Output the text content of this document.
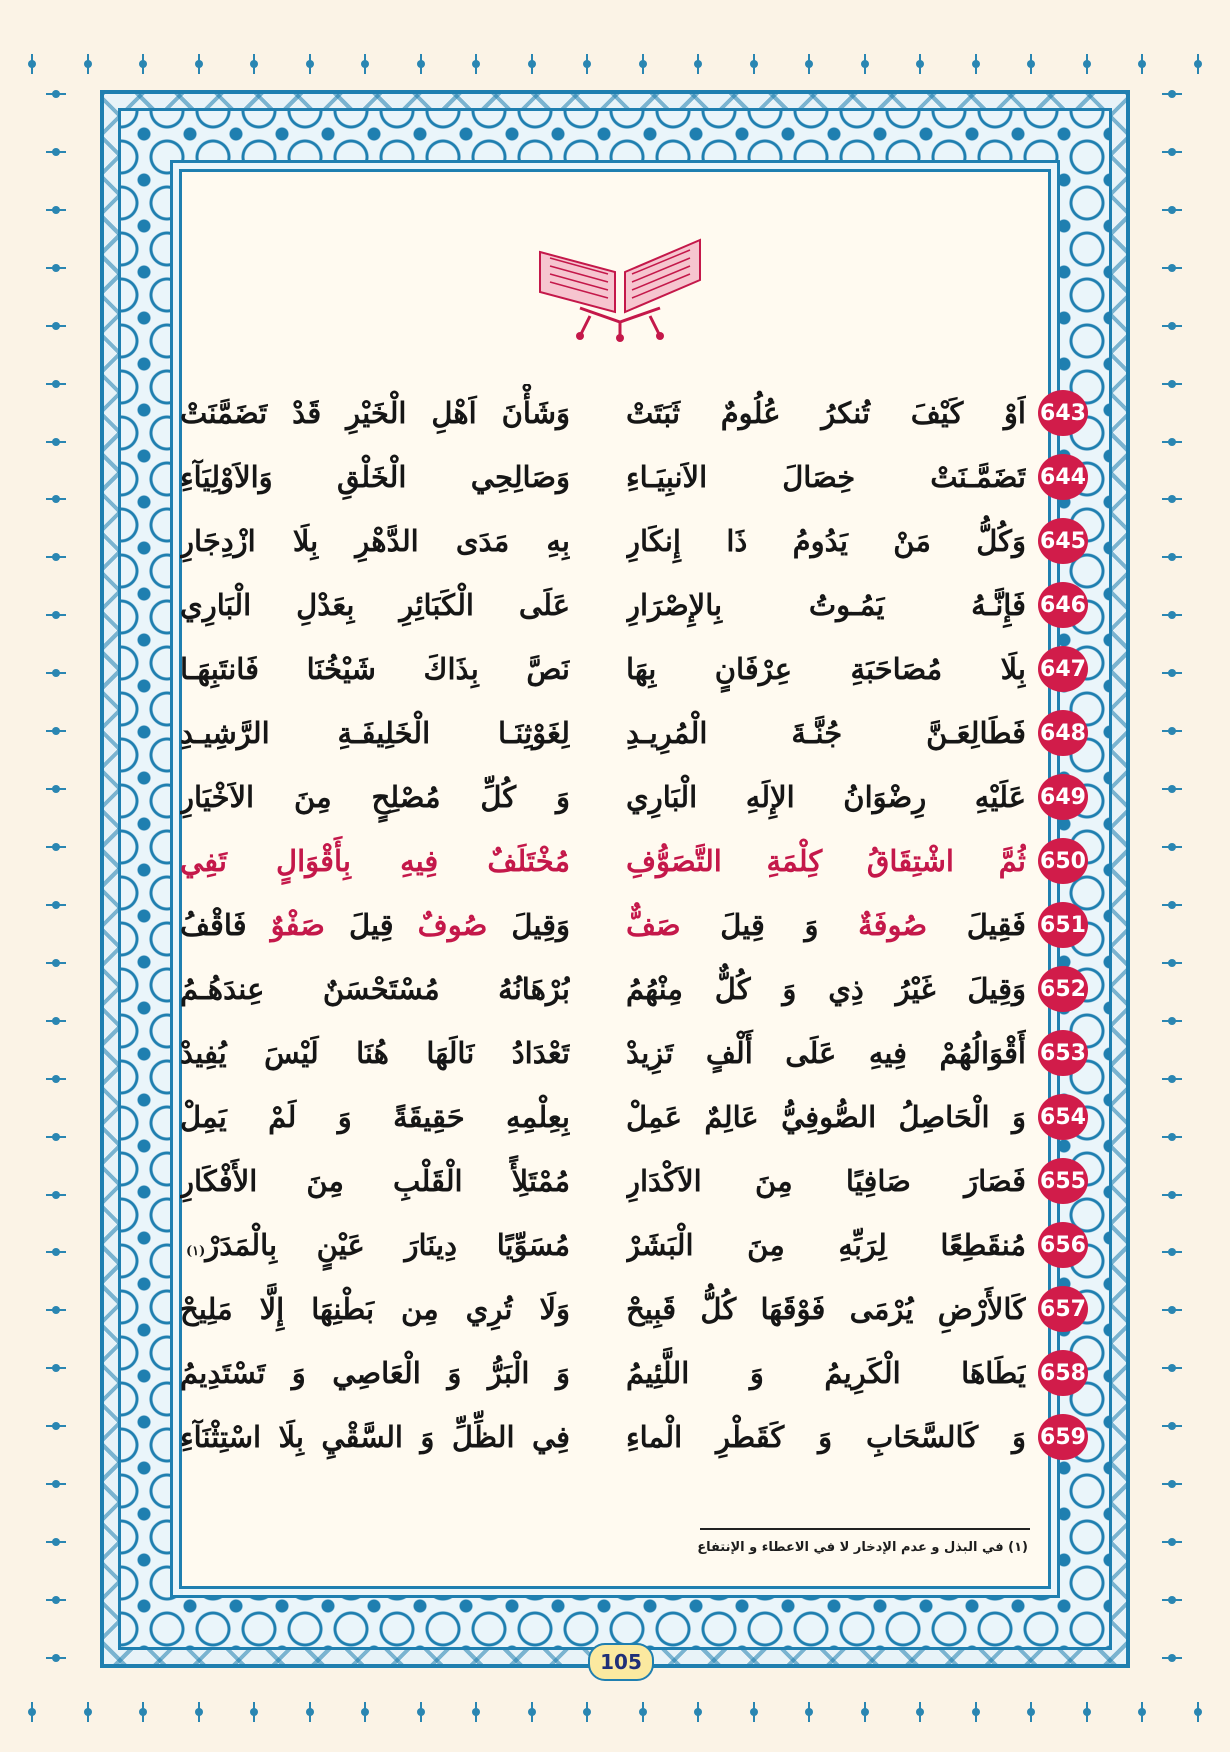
643
اَوْ كَيْفَ تُنكرُ عُلُومٌ ثَبَتَتْ
وَشَأْنَ اَهْلِ الْخَيْرِ قَدْ تَضَمَّنَتْ
644
تَضَمَّـنَتْ خِصَالَ الاَنبِيَـاءِ
وَصَالِحِي الْخَلْقِ وَالاَوْلِيَآءِ
645
وَكُلُّ مَنْ يَدُومُ ذَا إِنكَارِ
بِهِ مَدَى الدَّهْرِ بِلَا ازْدِجَارِ
646
فَإِنَّـهُ يَمُـوتُ بِالإِصْرَارِ
عَلَى الْكَبَائِرِ بِعَدْلِ الْبَارِي
647
بِلَا مُصَاحَبَةِ عِرْفَانٍ بِهَا
نَصَّ بِذَاكَ شَيْخُنَا فَانتَبِهَـا
648
فَطَالِعَـنَّ جُنَّـةَ الْمُرِيـدِ
لِغَوْثِنَـا الْخَلِيفَـةِ الرَّشِيـدِ
649
عَلَيْهِ رِضْوَانُ الإِلَهِ الْبَارِي
وَ كُلِّ مُصْلِحٍ مِنَ الاَخْيَارِ
650
ثُمَّ اشْتِقَاقُ كِلْمَةِ التَّصَوُّفِ
مُخْتَلَفٌ فِيهِ بِأَقْوَالٍ تَفِي
651
فَقِيلَ صُوفَةٌ وَ قِيلَ صَفٌّ
وَقِيلَ صُوفٌ قِيلَ صَفْوٌ فَاقْفُ
652
وَقِيلَ غَيْرُ ذِي وَ كُلٌّ مِنْهُمُ
بُرْهَانُهُ مُسْتَحْسَنٌ عِندَهُـمُ
653
أَقْوَالُهُمْ فِيهِ عَلَى أَلْفٍ تَزِيدْ
تَعْدَادُ نَالَهَا هُنَا لَيْسَ يُفِيدْ
654
وَ الْحَاصِلُ الصُّوفِيُّ عَالِمٌ عَمِلْ
بِعِلْمِهِ حَقِيقَةً وَ لَمْ يَمِلْ
655
فَصَارَ صَافِيًا مِنَ الاَكْدَارِ
مُمْتَلِأً الْقَلْبِ مِنَ الأَفْكَارِ
656
مُنقَطِعًا لِرَبِّهِ مِنَ الْبَشَرْ
مُسَوِّيًا دِينَارَ عَيْنٍ بِالْمَدَرْ(١)
657
كَالأَرْضِ يُرْمَى فَوْقَهَا كُلُّ قَبِيحْ
وَلَا تُرِي مِن بَطْنِهَا إِلَّا مَلِيحْ
658
يَطَاهَا الْكَرِيمُ وَ اللَّئِيمُ
وَ الْبَرُّ وَ الْعَاصِي وَ تَسْتَدِيمُ
659
وَ كَالسَّحَابِ وَ كَقَطْرِ الْماءِ
فِي الظِّلِّ وَ السَّقْيِ بِلَا اسْتِثْنَآءِ
(١) في البذل و عدم الإدخار لا في الاعطاء و الإنتفاع
105
